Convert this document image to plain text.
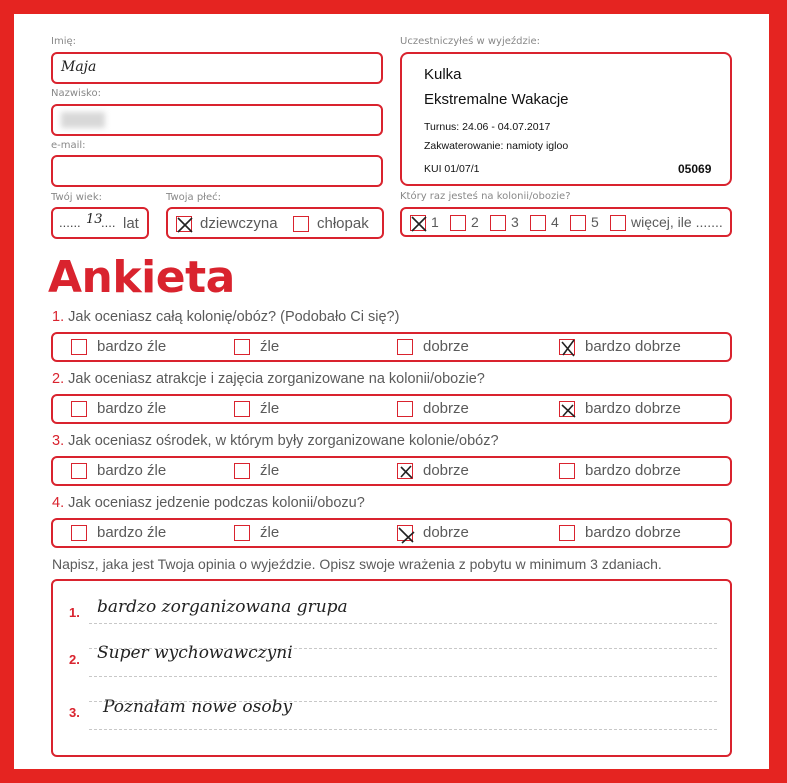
Imię:
Maja
Nazwisko:
e-mail:
Twój wiek:
...... 13
.... lat
Twoja płeć:
dziewczyna	chłopak
Uczestniczyłeś w wyjeździe:
Kulka
Ekstremalne Wakacje
Turnus: 24.06 - 04.07.2017
Zakwaterowanie: namioty igloo
KUI 01/07/1	05069
Który raz jesteś na kolonii/obozie?
1 2 3 4 5 więcej, ile .......
Ankieta
1. Jak oceniasz całą kolonię/obóz? (Podobało Ci się?)
bardzo źle	źle	dobrze	bardzo dobrze
2. Jak oceniasz atrakcje i zajęcia zorganizowane na kolonii/obozie?
bardzo źle	źle	dobrze	bardzo dobrze
3. Jak oceniasz ośrodek, w którym były zorganizowane kolonie/obóz?
bardzo źle	źle	dobrze	bardzo dobrze
4. Jak oceniasz jedzenie podczas kolonii/obozu?
bardzo źle	źle	dobrze	bardzo dobrze
Napisz, jaka jest Twoja opinia o wyjeździe. Opisz swoje wrażenia z pobytu w minimum 3 zdaniach.
1. bardzo zorganizowana grupa
2. Super wychowawczyni
3. Poznałam nowe osoby
